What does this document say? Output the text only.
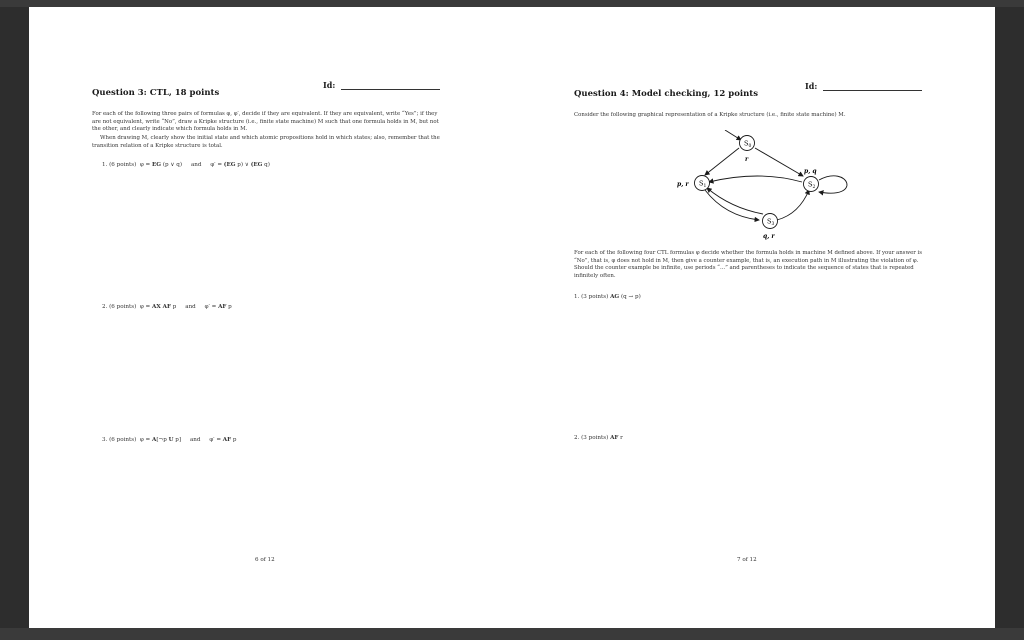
Id:
Question 3: CTL, 18 points
For each of the following three pairs of formulas φ, φ′, decide if they are equivalent. If they are equivalent, write “Yes”; if they are not equivalent, write “No”, draw a Kripke structure (i.e., finite state machine) M such that one formula holds in M, but not the other, and clearly indicate which formula holds in M.
When drawing M, clearly show the initial state and which atomic propositions hold in which states; also, remember that the transition relation of a Kripke structure is total.
1. (6 points) φ = EG (p ∨ q) and φ′ = (EG p) ∨ (EG q)
2. (6 points) φ = AX AF p and φ′ = AF p
3. (6 points) φ = A[¬p U p] and φ′ = AF p
6 of 12
Id:
Question 4: Model checking, 12 points
Consider the following graphical representation of a Kripke structure (i.e., finite state machine) M.
$S_0$
r
$S_1$
p, r	$S_2$
p, q
$S_3$
q, r
For each of the following four CTL formulas φ decide whether the formula holds in machine M defined above. If your answer is “No”, that is, φ does not hold in M, then give a counter example, that is, an execution path in M illustrating the violation of φ. Should the counter example be infinite, use periods “...” and parentheses to indicate the sequence of states that is repeated infinitely often.
1. (3 points) AG (q → p)
2. (3 points) AF r
7 of 12
